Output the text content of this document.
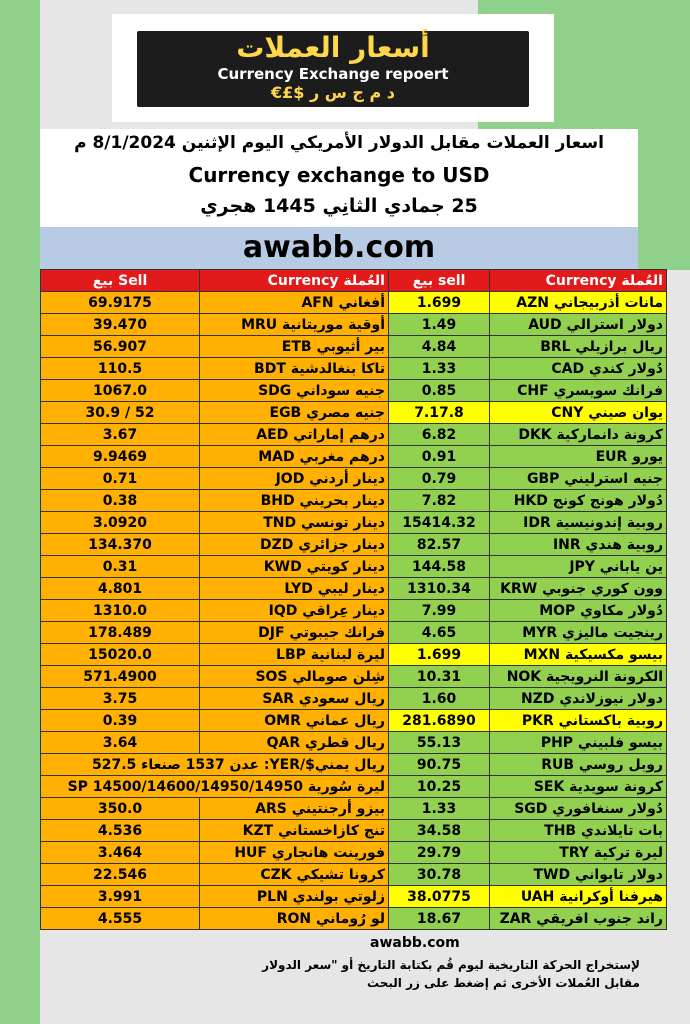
أسعار العملات
Currency Exchange repoert
€£$ د م ج س ر
اسعار العملات مقابل الدولار الأمريكي اليوم الإثنين 8/1/2024 م
Currency exchange to USD
25 جمادي الثانِي 1445 هجري
awabb.com
بيع Sell	العُملة Currency	بيع sell	العُملة Currency
69.9175	أفغاني AFN	1.699	مانات أذربيجاني AZN
39.470	أوقية موريتانية MRU	1.49	دولار استرالي AUD
56.907	بير أثيوبي ETB	4.84	ريال برازيلي BRL
110.5	تاكا بنغالدشية BDT	1.33	دُولار كندي CAD
1067.0	جنيه سوداني SDG	0.85	فرانك سويسري CHF
30.9 / 52	جنيه مصري EGB	7.17.8	يوان صيني CNY
3.67	درهم إماراتي AED	6.82	كرونة دانماركية DKK
9.9469	درهم مغربي MAD	0.91	يورو EUR
0.71	دينار أردني JOD	0.79	جنيه استرليني GBP
0.38	دينار بحريني BHD	7.82	دُولار هونج كونج HKD
3.0920	دينار تونسي TND	15414.32	روبية إندونيسية IDR
134.370	دينار جزائري DZD	82.57	روبية هندي INR
0.31	دينار كويتي KWD	144.58	ين ياباني JPY
4.801	دينار ليبي LYD	1310.34	وون كوري جنوبي KRW
1310.0	دينار عِراقي IQD	7.99	دُولار مكاوي MOP
178.489	فرانك جيبوتي DJF	4.65	رينجيت ماليزي MYR
15020.0	ليرة لبنانية LBP	1.699	بيسو مكسيكية MXN
571.4900	شِلن صومالي SOS	10.31	الكرونة النرويجية NOK
3.75	ريال سعودي SAR	1.60	دولار نيوزلاندي NZD
0.39	ريال عماني OMR	281.6890	روبية باكستاني PKR
3.64	ريال قطري QAR	55.13	بيسو فلبيني PHP
ريال يمني$/YER: عدن 1537 صنعاء 527.5		90.75	روبل روسي RUB
ليرة سُورية SP 14500/14600/14950/14950		10.25	كرونة سويدية SEK
350.0	بيزو أرجنتيني ARS	1.33	دُولار سنغافوري SGD
4.536	تنج كازاخستاني KZT	34.58	بات تايلاندي THB
3.464	فورينت هانجاري HUF	29.79	ليرة تركية TRY
22.546	كرونا تشيكي CZK	30.78	دولار تايواني TWD
3.991	زلوتي بولندي PLN	38.0775	هيرفنا أوكرانية UAH
4.555	لو رُوماني RON	18.67	راند جنوب افريقي ZAR
awabb.com
لإستخراج الحركة التاريخية ليوم قُم بكتابة التاريخ أو "سعر الدولار مقابل العُملات الأخرى ثم إضغط على زر البحث
